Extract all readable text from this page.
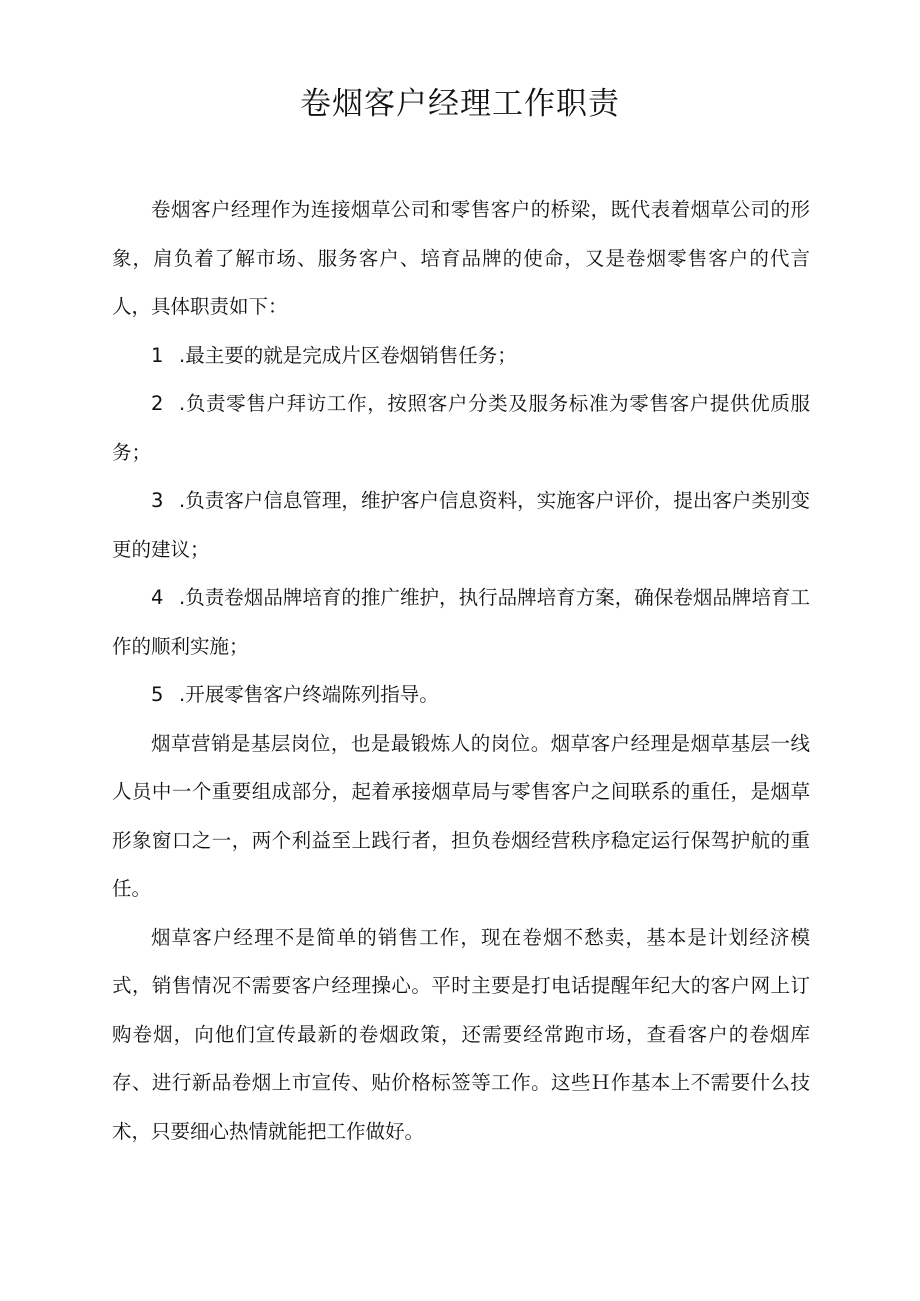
卷烟客户经理工作职责

卷烟客户经理作为连接烟草公司和零售客户的桥梁，既代表着烟草公司的形象，肩负着了解市场、服务客户、培育品牌的使命，又是卷烟零售客户的代言人，具体职责如下：

1 .最主要的就是完成片区卷烟销售任务；

2 .负责零售户拜访工作，按照客户分类及服务标准为零售客户提供优质服务；

3 .负责客户信息管理，维护客户信息资料，实施客户评价，提出客户类别变更的建议；

4 .负责卷烟品牌培育的推广维护，执行品牌培育方案，确保卷烟品牌培育工作的顺利实施；

5 .开展零售客户终端陈列指导。

烟草营销是基层岗位，也是最锻炼人的岗位。烟草客户经理是烟草基层一线人员中一个重要组成部分，起着承接烟草局与零售客户之间联系的重任，是烟草形象窗口之一，两个利益至上践行者，担负卷烟经营秩序稳定运行保驾护航的重任。

烟草客户经理不是简单的销售工作，现在卷烟不愁卖，基本是计划经济模式，销售情况不需要客户经理操心。平时主要是打电话提醒年纪大的客户网上订购卷烟，向他们宣传最新的卷烟政策，还需要经常跑市场，查看客户的卷烟库存、进行新品卷烟上市宣传、贴价格标签等工作。这些Ｈ作基本上不需要什么技术，只要细心热情就能把工作做好。
